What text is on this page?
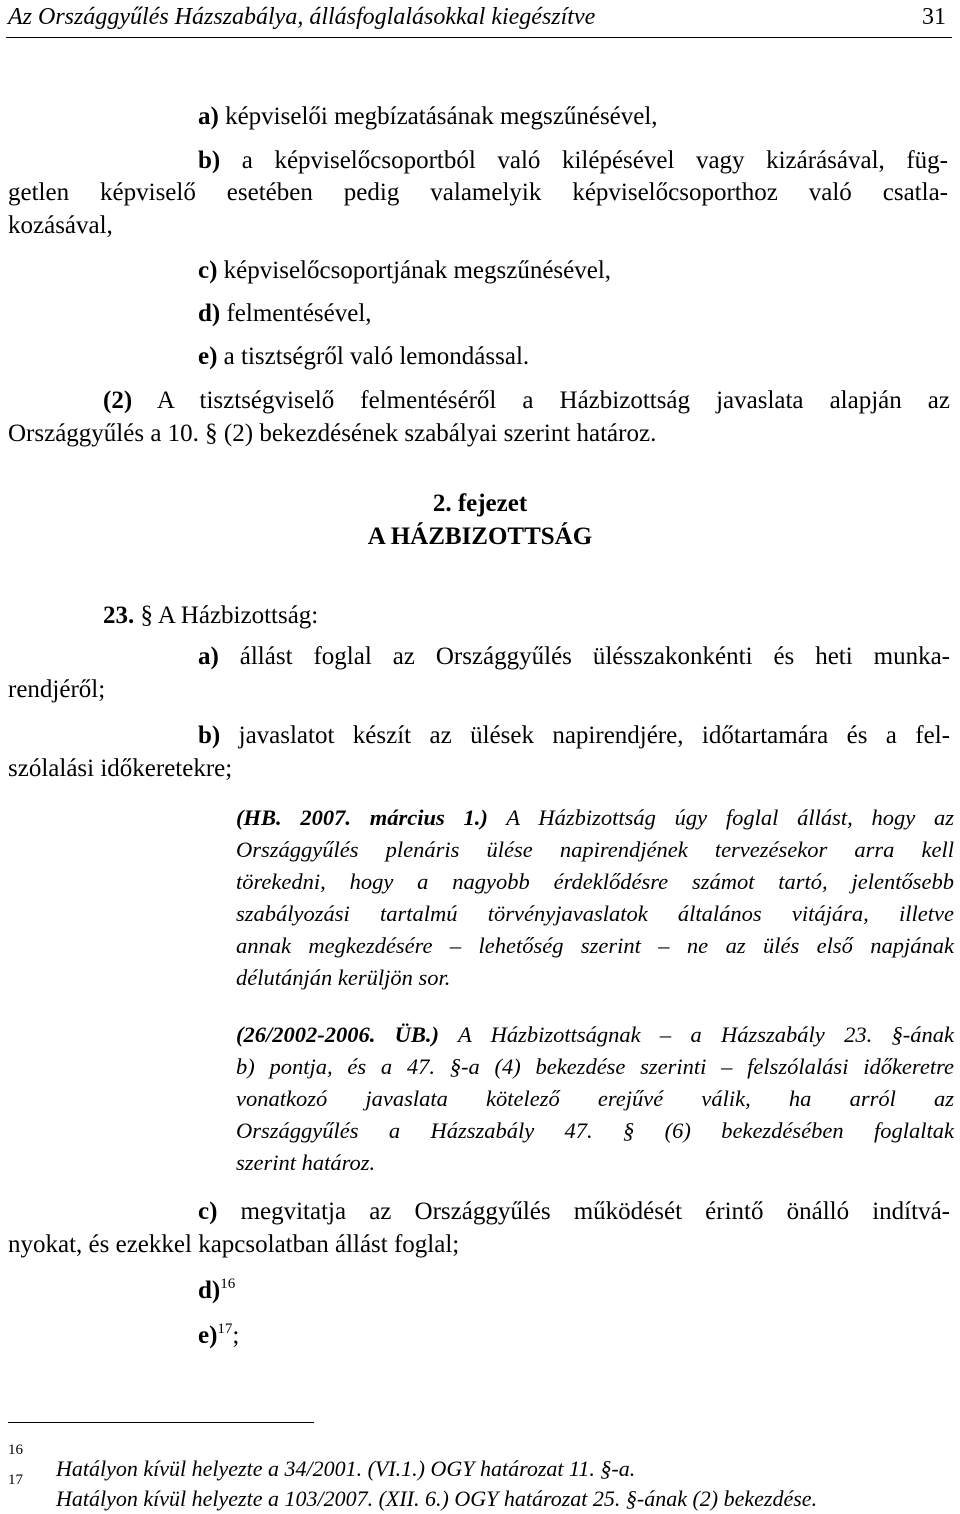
Az Országgyűlés Házszabálya, állásfoglalásokkal kiegészítve	31
a) képviselői megbízatásának megszűnésével,
b) a képviselőcsoportból való kilépésével vagy kizárásával, füg-
getlen képviselő esetében pedig valamelyik képviselőcsoporthoz való csatla-
kozásával,
c) képviselőcsoportjának megszűnésével,
d) felmentésével,
e) a tisztségről való lemondással.
(2) A tisztségviselő felmentéséről a Házbizottság javaslata alapján az
Országgyűlés a 10. § (2) bekezdésének szabályai szerint határoz.
2. fejezet
A HÁZBIZOTTSÁG
23. § A Házbizottság:
a) állást foglal az Országgyűlés ülésszakonkénti és heti munka-
rendjéről;
b) javaslatot készít az ülések napirendjére, időtartamára és a fel-
szólalási időkeretekre;
(HB. 2007. március 1.) A Házbizottság úgy foglal állást, hogy az
Országgyűlés plenáris ülése napirendjének tervezésekor arra kell
törekedni, hogy a nagyobb érdeklődésre számot tartó, jelentősebb
szabályozási tartalmú törvényjavaslatok általános vitájára, illetve
annak megkezdésére – lehetőség szerint – ne az ülés első napjának
délutánján kerüljön sor.
(26/2002-2006. ÜB.) A Házbizottságnak – a Házszabály 23. §-ának
b) pontja, és a 47. §-a (4) bekezdése szerinti – felszólalási időkeretre
vonatkozó javaslata kötelező erejűvé válik, ha arról az
Országgyűlés a Házszabály 47. § (6) bekezdésében foglaltak
szerint határoz.
c) megvitatja az Országgyűlés működését érintő önálló indítvá-
nyokat, és ezekkel kapcsolatban állást foglal;
d)$^{16}$
e)$^{17}$;
16
Hatályon kívül helyezte a 34/2001. (VI.1.) OGY határozat 11. §-a.
17
Hatályon kívül helyezte a 103/2007. (XII. 6.) OGY határozat 25. §-ának (2) bekezdése.
